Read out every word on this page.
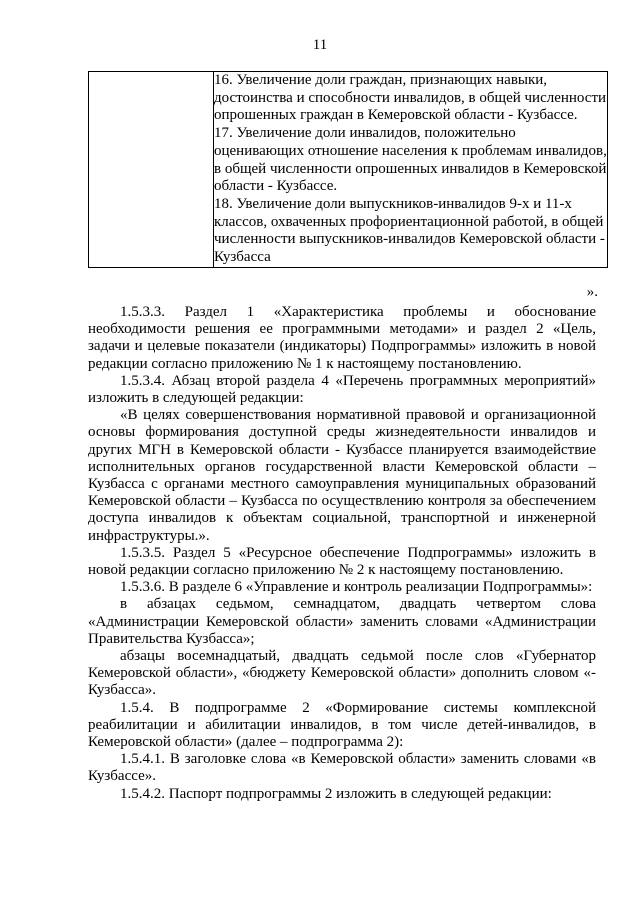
11

16. Увеличение доли граждан, признающих навыки, достоинства и способности инвалидов, в общей численности опрошенных граждан в Кемеровской области - Кузбассе.

17. Увеличение доли инвалидов, положительно оценивающих отношение населения к проблемам инвалидов, в общей численности опрошенных инвалидов в Кемеровской области - Кузбассе.

18. Увеличение доли выпускников-инвалидов 9-х и 11-х классов, охваченных профориентационной работой, в общей численности выпускников-инвалидов Кемеровской области - Кузбасса

».

1.5.3.3. Раздел 1 «Характеристика проблемы и обоснование необходимости решения ее программными методами» и раздел 2 «Цель, задачи и целевые показатели (индикаторы) Подпрограммы» изложить в новой редакции согласно приложению № 1 к настоящему постановлению.

1.5.3.4. Абзац второй раздела 4 «Перечень программных мероприятий» изложить в следующей редакции:

«В целях совершенствования нормативной правовой и организационной основы формирования доступной среды жизнедеятельности инвалидов и других МГН в Кемеровской области - Кузбассе планируется взаимодействие исполнительных органов государственной власти Кемеровской области – Кузбасса с органами местного самоуправления муниципальных образований Кемеровской области – Кузбасса по осуществлению контроля за обеспечением доступа инвалидов к объектам социальной, транспортной и инженерной инфраструктуры.».

1.5.3.5. Раздел 5 «Ресурсное обеспечение Подпрограммы» изложить в новой редакции согласно приложению № 2 к настоящему постановлению.

1.5.3.6. В разделе 6 «Управление и контроль реализации Подпрограммы»:

в абзацах седьмом, семнадцатом, двадцать четвертом слова «Администрации Кемеровской области» заменить словами «Администрации Правительства Кузбасса»;

абзацы восемнадцатый, двадцать седьмой после слов «Губернатор Кемеровской области», «бюджету Кемеровской области» дополнить словом «- Кузбасса».

1.5.4. В подпрограмме 2 «Формирование системы комплексной реабилитации и абилитации инвалидов, в том числе детей-инвалидов, в Кемеровской области» (далее – подпрограмма 2):

1.5.4.1. В заголовке слова «в Кемеровской области» заменить словами «в Кузбассе».

1.5.4.2. Паспорт подпрограммы 2 изложить в следующей редакции:
